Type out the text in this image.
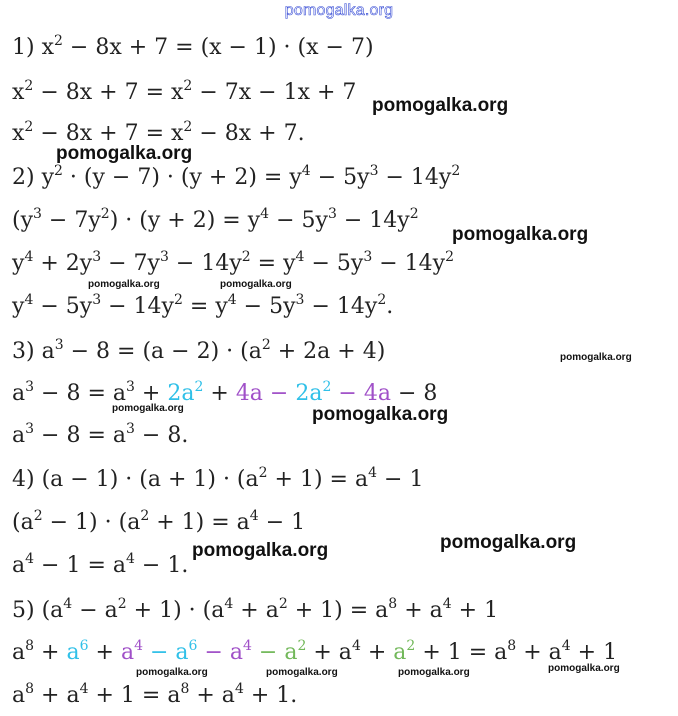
pomogalka.org
1) $x^2 - 8x + 7 = (x - 1) \cdot (x - 7)$
$x^2 - 8x + 7 = x^2 - 7x - 1x + 7$
$x^2 - 8x + 7 = x^2 - 8x + 7$.
2) $y^2 \cdot (y - 7) \cdot (y + 2) = y^4 - 5y^3 - 14y^2$
$(y^3 - 7y^2) \cdot (y + 2) = y^4 - 5y^3 - 14y^2$
$y^4 + 2y^3 - 7y^3 - 14y^2 = y^4 - 5y^3 - 14y^2$
$y^4 - 5y^3 - 14y^2 = y^4 - 5y^3 - 14y^2$.
3) $a^3 - 8 = (a - 2) \cdot (a^2 + 2a + 4)$
$a^3 - 8 = a^3 + 2a^2 + 4a - 2a^2 - 4a - 8$
$a^3 - 8 = a^3 - 8$.
4) $(a - 1) \cdot (a + 1) \cdot (a^2 + 1) = a^4 - 1$
$(a^2 - 1) \cdot (a^2 + 1) = a^4 - 1$
$a^4 - 1 = a^4 - 1$.
5) $(a^4 - a^2 + 1) \cdot (a^4 + a^2 + 1) = a^8 + a^4 + 1$
$a^8 + a^6 + a^4 - a^6 - a^4 - a^2 + a^4 + a^2 + 1 = a^8 + a^4 + 1$
$a^8 + a^4 + 1 = a^8 + a^4 + 1$.
pomogalka.org
pomogalka.org
pomogalka.org
pomogalka.org	pomogalka.org
pomogalka.org
pomogalka.org	pomogalka.org
pomogalka.org	pomogalka.org
pomogalka.org
pomogalka.org	pomogalka.org	pomogalka.org
